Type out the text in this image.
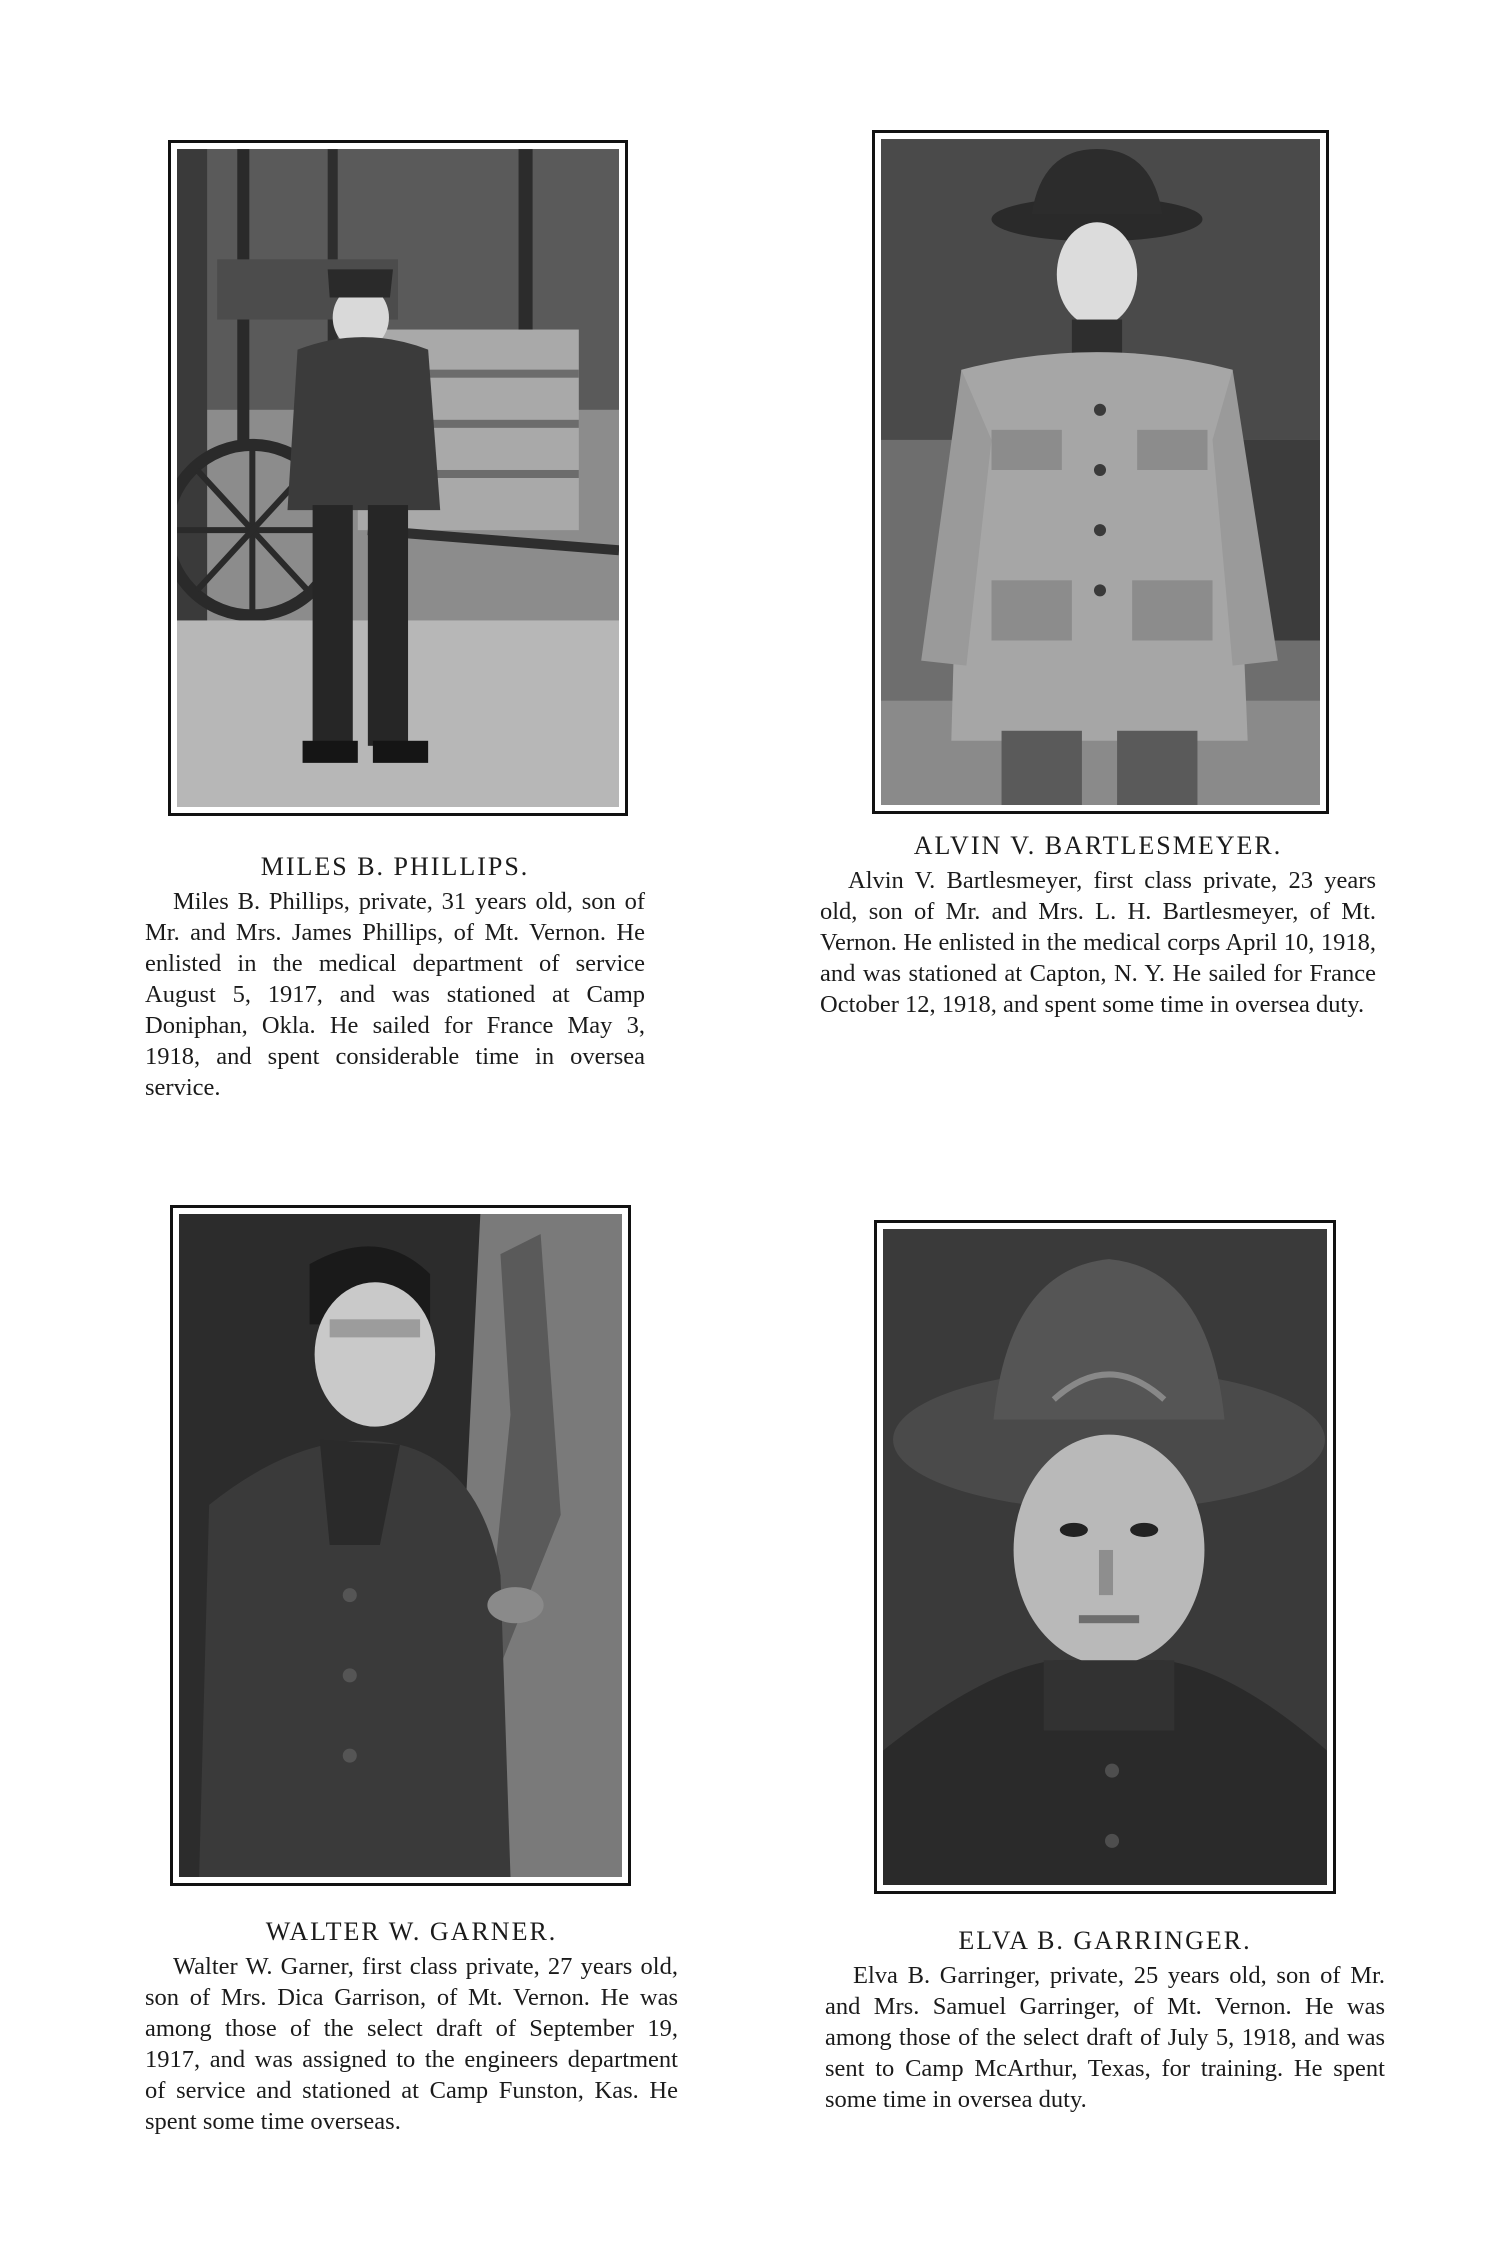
MILES B. PHILLIPS.

Miles B. Phillips, private, 31 years old, son of Mr. and Mrs. James Phillips, of Mt. Vernon. He enlisted in the medical department of service August 5, 1917, and was stationed at Camp Doniphan, Okla. He sailed for France May 3, 1918, and spent considerable time in oversea service.

ALVIN V. BARTLESMEYER.

Alvin V. Bartlesmeyer, first class private, 23 years old, son of Mr. and Mrs. L. H. Bartlesmeyer, of Mt. Vernon. He enlisted in the medical corps April 10, 1918, and was stationed at Capton, N. Y. He sailed for France October 12, 1918, and spent some time in oversea duty.

WALTER W. GARNER.

Walter W. Garner, first class private, 27 years old, son of Mrs. Dica Garrison, of Mt. Vernon. He was among those of the select draft of September 19, 1917, and was assigned to the engineers department of service and stationed at Camp Funston, Kas. He spent some time overseas.

ELVA B. GARRINGER.

Elva B. Garringer, private, 25 years old, son of Mr. and Mrs. Samuel Garringer, of Mt. Vernon. He was among those of the select draft of July 5, 1918, and was sent to Camp McArthur, Texas, for training. He spent some time in oversea duty.
